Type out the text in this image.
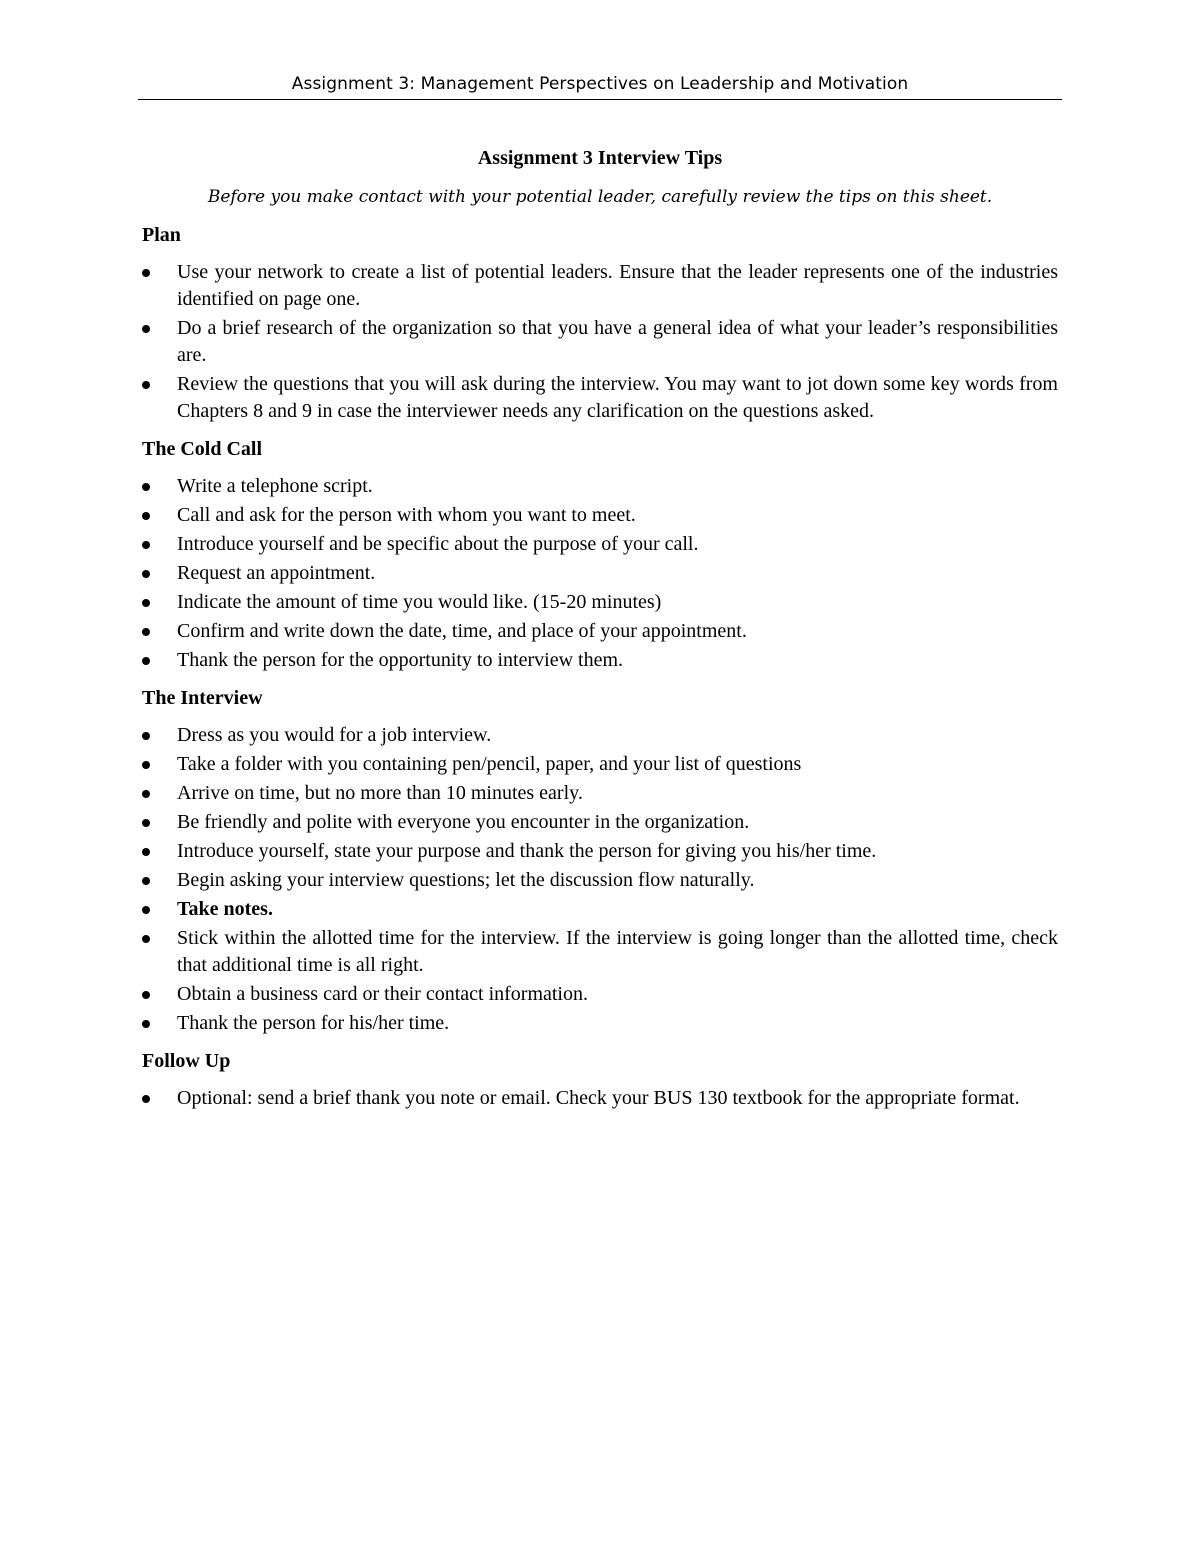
Assignment 3: Management Perspectives on Leadership and Motivation
Assignment 3 Interview Tips
Before you make contact with your potential leader, carefully review the tips on this sheet.
Plan
Use your network to create a list of potential leaders. Ensure that the leader represents one of the industries identified on page one.
Do a brief research of the organization so that you have a general idea of what your leader’s responsibilities are.
Review the questions that you will ask during the interview. You may want to jot down some key words from Chapters 8 and 9 in case the interviewer needs any clarification on the questions asked.
The Cold Call
Write a telephone script.
Call and ask for the person with whom you want to meet.
Introduce yourself and be specific about the purpose of your call.
Request an appointment.
Indicate the amount of time you would like. (15-20 minutes)
Confirm and write down the date, time, and place of your appointment.
Thank the person for the opportunity to interview them.
The Interview
Dress as you would for a job interview.
Take a folder with you containing pen/pencil, paper, and your list of questions
Arrive on time, but no more than 10 minutes early.
Be friendly and polite with everyone you encounter in the organization.
Introduce yourself, state your purpose and thank the person for giving you his/her time.
Begin asking your interview questions; let the discussion flow naturally.
Take notes.
Stick within the allotted time for the interview. If the interview is going longer than the allotted time, check that additional time is all right.
Obtain a business card or their contact information.
Thank the person for his/her time.
Follow Up
Optional: send a brief thank you note or email. Check your BUS 130 textbook for the appropriate format.
